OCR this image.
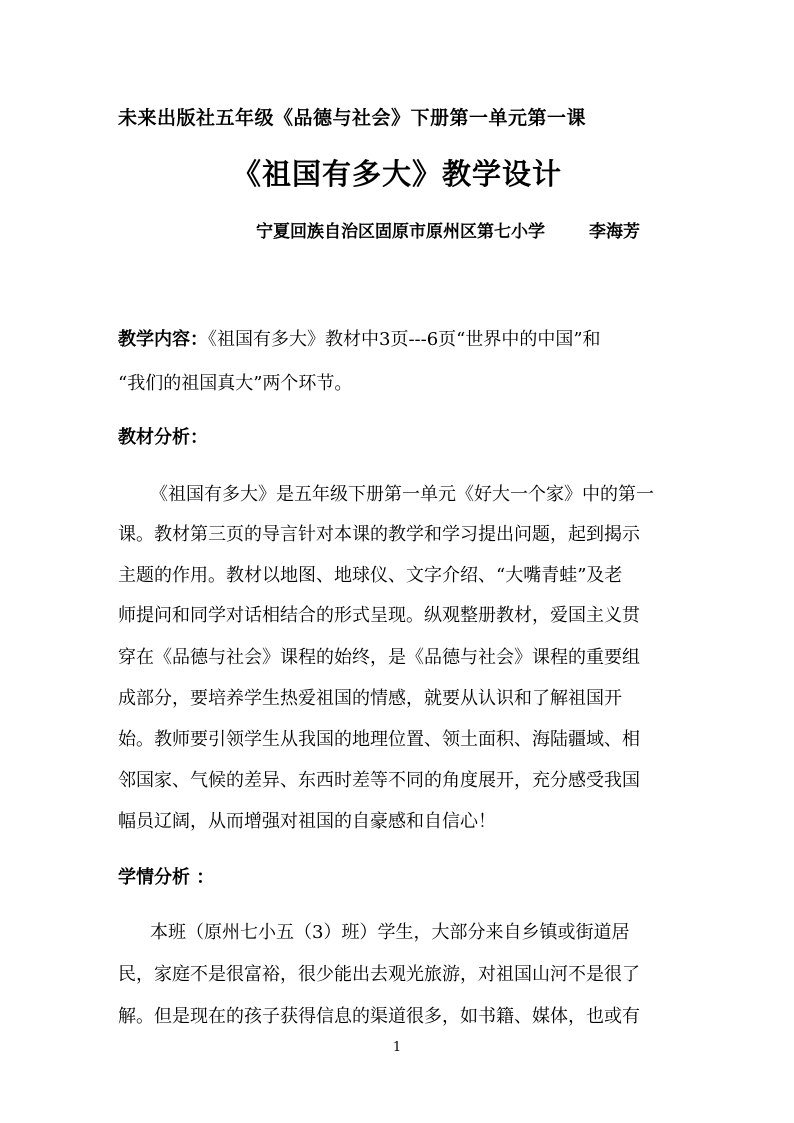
未来出版社五年级《品德与社会》下册第一单元第一课
《祖国有多大》教学设计
宁夏回族自治区固原市原州区第七小学	李海芳
教学内容：《祖国有多大》教材中3页---6页“世界中的中国”和
“我们的祖国真大”两个环节。
教材分析：
《祖国有多大》是五年级下册第一单元《好大一个家》中的第一
课。教材第三页的导言针对本课的教学和学习提出问题，起到揭示
主题的作用。教材以地图、地球仪、文字介绍、“大嘴青蛙”及老
师提问和同学对话相结合的形式呈现。纵观整册教材，爱国主义贯
穿在《品德与社会》课程的始终，是《品德与社会》课程的重要组
成部分，要培养学生热爱祖国的情感，就要从认识和了解祖国开
始。教师要引领学生从我国的地理位置、领土面积、海陆疆域、相
邻国家、气候的差异、东西时差等不同的角度展开，充分感受我国
幅员辽阔，从而增强对祖国的自豪感和自信心！
学情分析 ：
本班（原州七小五（3）班）学生，大部分来自乡镇或街道居
民，家庭不是很富裕，很少能出去观光旅游，对祖国山河不是很了
解。但是现在的孩子获得信息的渠道很多，如书籍、媒体，也或有
1
